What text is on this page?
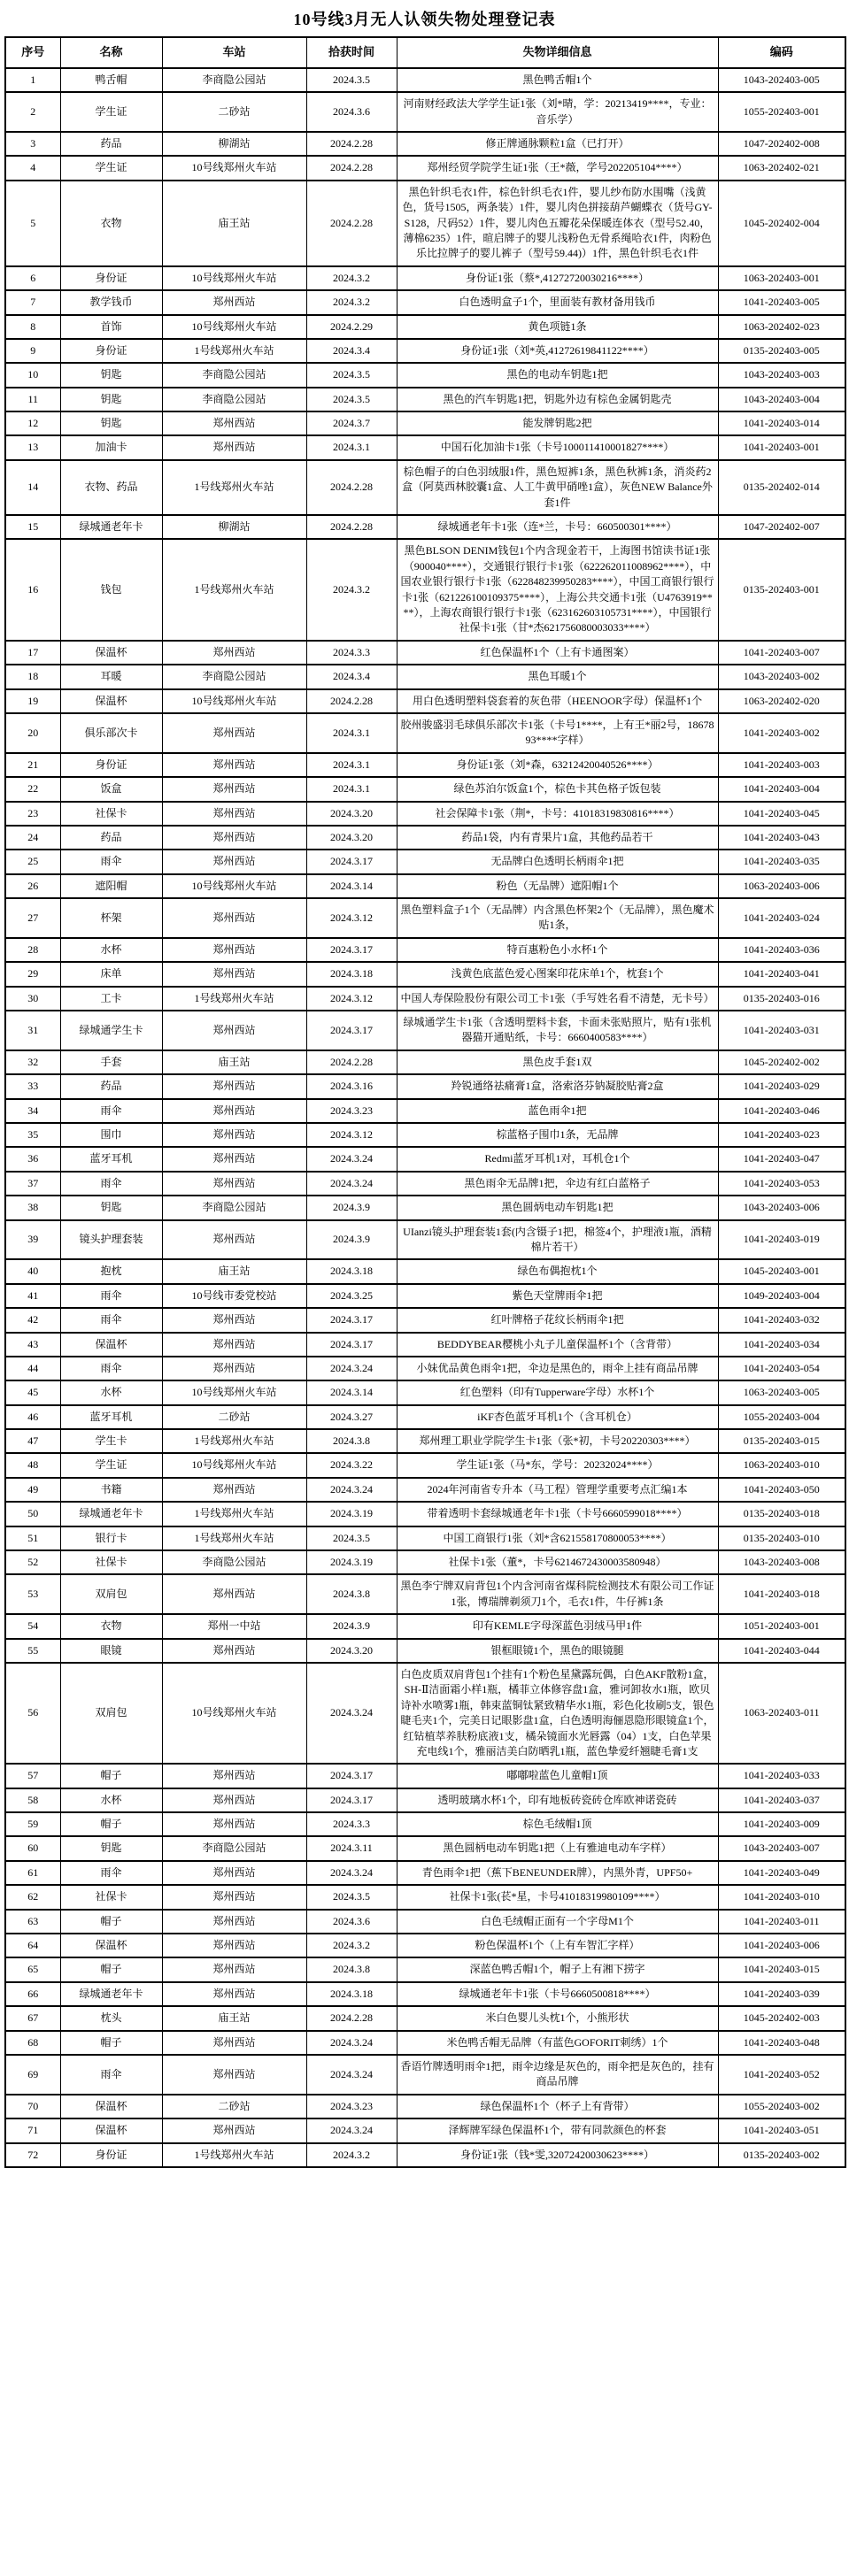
10号线3月无人认领失物处理登记表
序号	名称	车站	拾获时间	失物详细信息	编码
1	鸭舌帽	李商隐公园站	2024.3.5	黑色鸭舌帽1个	1043-202403-005
2	学生证	二砂站	2024.3.6	河南财经政法大学学生证1张（刘*晴，学：20213419****，专业：音乐学）	1055-202403-001
3	药品	柳湖站	2024.2.28	修正牌通脉颗粒1盒（已打开）	1047-202402-008
4	学生证	10号线郑州火车站	2024.2.28	郑州经贸学院学生证1张（王*薇，学号202205104****）	1063-202402-021
5	衣物	庙王站	2024.2.28	黑色针织毛衣1件，棕色针织毛衣1件，婴儿纱布防水围嘴（浅黄色，货号1505，两条装）1件，婴儿肉色拼接葫芦蝴蝶衣（货号GY-S128，尺码52）1件，婴儿肉色五瓣花朵保暖连体衣（型号52.40，薄棉6235）1件，暄启牌子的婴儿浅粉色无骨系绳哈衣1件，肉粉色乐比拉牌子的婴儿裤子（型号59.44)）1件，黑色针织毛衣1件	1045-202402-004
6	身份证	10号线郑州火车站	2024.3.2	身份证1张（蔡*,41272720030216****）	1063-202403-001
7	教学钱币	郑州西站	2024.3.2	白色透明盒子1个，里面装有教材备用钱币	1041-202403-005
8	首饰	10号线郑州火车站	2024.2.29	黄色项链1条	1063-202402-023
9	身份证	1号线郑州火车站	2024.3.4	身份证1张（刘*英,41272619841122****）	0135-202403-005
10	钥匙	李商隐公园站	2024.3.5	黑色的电动车钥匙1把	1043-202403-003
11	钥匙	李商隐公园站	2024.3.5	黑色的汽车钥匙1把，钥匙外边有棕色金属钥匙壳	1043-202403-004
12	钥匙	郑州西站	2024.3.7	能发牌钥匙2把	1041-202403-014
13	加油卡	郑州西站	2024.3.1	中国石化加油卡1张（卡号100011410001827****）	1041-202403-001
14	衣物、药品	1号线郑州火车站	2024.2.28	棕色帽子的白色羽绒服1件，黑色短裤1条，黑色秋裤1条，消炎药2盒（阿莫西林胶囊1盒、人工牛黄甲硝唑1盒），灰色NEW Balance外套1件	0135-202402-014
15	绿城通老年卡	柳湖站	2024.2.28	绿城通老年卡1张（连*兰，卡号：660500301****）	1047-202402-007
16	钱包	1号线郑州火车站	2024.3.2	黑色BLSON DENIM钱包1个内含现金若干，上海图书馆读书证1张（900040****），交通银行银行卡1张（622262011008962****），中国农业银行银行卡1张（622848239950283****），中国工商银行银行卡1张（621226100109375****），上海公共交通卡1张（U4763919****），上海农商银行银行卡1张（623162603105731****），中国银行社保卡1张（甘*杰621756080003033****）	0135-202403-001
17	保温杯	郑州西站	2024.3.3	红色保温杯1个（上有卡通图案）	1041-202403-007
18	耳暖	李商隐公园站	2024.3.4	黑色耳暖1个	1043-202403-002
19	保温杯	10号线郑州火车站	2024.2.28	用白色透明塑料袋套着的灰色带（HEENOOR字母）保温杯1个	1063-202402-020
20	俱乐部次卡	郑州西站	2024.3.1	胶州骏盛羽毛球俱乐部次卡1张（卡号1****，上有王*丽2号，1867893****字样）	1041-202403-002
21	身份证	郑州西站	2024.3.1	身份证1张（刘*森，63212420040526****）	1041-202403-003
22	饭盒	郑州西站	2024.3.1	绿色苏泊尔饭盒1个，棕色卡其色格子饭包装	1041-202403-004
23	社保卡	郑州西站	2024.3.20	社会保障卡1张（荆*，卡号：41018319830816****）	1041-202403-045
24	药品	郑州西站	2024.3.20	药品1袋，内有青果片1盒，其他药品若干	1041-202403-043
25	雨伞	郑州西站	2024.3.17	无品牌白色透明长柄雨伞1把	1041-202403-035
26	遮阳帽	10号线郑州火车站	2024.3.14	粉色（无品牌）遮阳帽1个	1063-202403-006
27	杯架	郑州西站	2024.3.12	黑色塑料盒子1个（无品牌）内含黑色杯架2个（无品牌），黑色魔术贴1条，	1041-202403-024
28	水杯	郑州西站	2024.3.17	特百惠粉色小水杯1个	1041-202403-036
29	床单	郑州西站	2024.3.18	浅黄色底蓝色爱心图案印花床单1个，枕套1个	1041-202403-041
30	工卡	1号线郑州火车站	2024.3.12	中国人寿保险股份有限公司工卡1张（手写姓名看不清楚，无卡号）	0135-202403-016
31	绿城通学生卡	郑州西站	2024.3.17	绿城通学生卡1张（含透明塑料卡套，卡面未张贴照片，贴有1张机器猫开通贴纸，卡号：6660400583****）	1041-202403-031
32	手套	庙王站	2024.2.28	黑色皮手套1双	1045-202402-002
33	药品	郑州西站	2024.3.16	羚锐通络祛痛膏1盒，洛索洛芬钠凝胶贴膏2盒	1041-202403-029
34	雨伞	郑州西站	2024.3.23	蓝色雨伞1把	1041-202403-046
35	围巾	郑州西站	2024.3.12	棕蓝格子围巾1条，无品牌	1041-202403-023
36	蓝牙耳机	郑州西站	2024.3.24	Redmi蓝牙耳机1对，耳机仓1个	1041-202403-047
37	雨伞	郑州西站	2024.3.24	黑色雨伞无品牌1把，伞边有红白蓝格子	1041-202403-053
38	钥匙	李商隐公园站	2024.3.9	黑色圆炳电动车钥匙1把	1043-202403-006
39	镜头护理套装	郑州西站	2024.3.9	UIanzi镜头护理套装1套(内含镊子1把，棉签4个，护理液1瓶，酒精棉片若干）	1041-202403-019
40	抱枕	庙王站	2024.3.18	绿色布偶抱枕1个	1045-202403-001
41	雨伞	10号线市委党校站	2024.3.25	紫色天堂牌雨伞1把	1049-202403-004
42	雨伞	郑州西站	2024.3.17	红叶牌格子花纹长柄雨伞1把	1041-202403-032
43	保温杯	郑州西站	2024.3.17	BEDDYBEAR樱桃小丸子儿童保温杯1个（含背带）	1041-202403-034
44	雨伞	郑州西站	2024.3.24	小妹优品黄色雨伞1把，伞边是黑色的，雨伞上挂有商品吊牌	1041-202403-054
45	水杯	10号线郑州火车站	2024.3.14	红色塑料（印有Tupperware字母）水杯1个	1063-202403-005
46	蓝牙耳机	二砂站	2024.3.27	iKF杏色蓝牙耳机1个（含耳机仓）	1055-202403-004
47	学生卡	1号线郑州火车站	2024.3.8	郑州理工职业学院学生卡1张（张*初，卡号20220303****）	0135-202403-015
48	学生证	10号线郑州火车站	2024.3.22	学生证1张（马*东，学号：20232024****）	1063-202403-010
49	书籍	郑州西站	2024.3.24	2024年河南省专升本（马工程）管理学重要考点汇编1本	1041-202403-050
50	绿城通老年卡	1号线郑州火车站	2024.3.19	带着透明卡套绿城通老年卡1张（卡号6660599018****）	0135-202403-018
51	银行卡	1号线郑州火车站	2024.3.5	中国工商银行1张（刘*含621558170800053****）	0135-202403-010
52	社保卡	李商隐公园站	2024.3.19	社保卡1张（董*，卡号6214672430003580948）	1043-202403-008
53	双肩包	郑州西站	2024.3.8	黑色李宁牌双肩背包1个内含河南省煤科院检测技术有限公司工作证1张，博瑞牌剃须刀1个，毛衣1件，牛仔裤1条	1041-202403-018
54	衣物	郑州一中站	2024.3.9	印有KEMLE字母深蓝色羽绒马甲1件	1051-202403-001
55	眼镜	郑州西站	2024.3.20	银框眼镜1个，黑色的眼镜腿	1041-202403-044
56	双肩包	10号线郑州火车站	2024.3.24	白色皮质双肩背包1个挂有1个粉色星黛露玩偶，白色AKF散粉1盒，SH-Ⅱ洁面霜小样1瓶，橘菲立体修容盘1盒，雅诃卸妆水1瓶，欧贝诗补水喷雾1瓶，韩束蓝铜钛紧致精华水1瓶，彩色化妆刷5支，银色睫毛夹1个，完美日记眼影盘1盒，白色透明海俪恩隐形眼镜盒1个，红钻植萃养肤粉底液1支，橘朵镜面水光唇露（04）1支，白色苹果充电线1个，雅丽洁美白防晒乳1瓶，蓝色挚爱纤翘睫毛膏1支	1063-202403-011
57	帽子	郑州西站	2024.3.17	嘟嘟啦蓝色儿童帽1顶	1041-202403-033
58	水杯	郑州西站	2024.3.17	透明玻璃水杯1个，印有地板砖瓷砖仓库欧神诺瓷砖	1041-202403-037
59	帽子	郑州西站	2024.3.3	棕色毛绒帽1顶	1041-202403-009
60	钥匙	李商隐公园站	2024.3.11	黑色圆柄电动车钥匙1把（上有雅迪电动车字样）	1043-202403-007
61	雨伞	郑州西站	2024.3.24	青色雨伞1把（蕉下BENEUNDER牌），内黑外青，UPF50+	1041-202403-049
62	社保卡	郑州西站	2024.3.5	社保卡1张(苌*星，卡号41018319980109****）	1041-202403-010
63	帽子	郑州西站	2024.3.6	白色毛绒帽正面有一个字母M1个	1041-202403-011
64	保温杯	郑州西站	2024.3.2	粉色保温杯1个（上有车智汇字样）	1041-202403-006
65	帽子	郑州西站	2024.3.8	深蓝色鸭舌帽1个，帽子上有湘下捞字	1041-202403-015
66	绿城通老年卡	郑州西站	2024.3.18	绿城通老年卡1张（卡号6660500818****）	1041-202403-039
67	枕头	庙王站	2024.2.28	米白色婴儿头枕1个，小熊形状	1045-202402-003
68	帽子	郑州西站	2024.3.24	米色鸭舌帽无品牌（有蓝色GOFORIT刺绣）1个	1041-202403-048
69	雨伞	郑州西站	2024.3.24	香语竹牌透明雨伞1把，雨伞边缘是灰色的，雨伞把是灰色的，挂有商品吊牌	1041-202403-052
70	保温杯	二砂站	2024.3.23	绿色保温杯1个（杯子上有背带）	1055-202403-002
71	保温杯	郑州西站	2024.3.24	泽辉牌军绿色保温杯1个，带有同款颜色的杯套	1041-202403-051
72	身份证	1号线郑州火车站	2024.3.2	身份证1张（钱*雯,32072420030623****）	0135-202403-002
